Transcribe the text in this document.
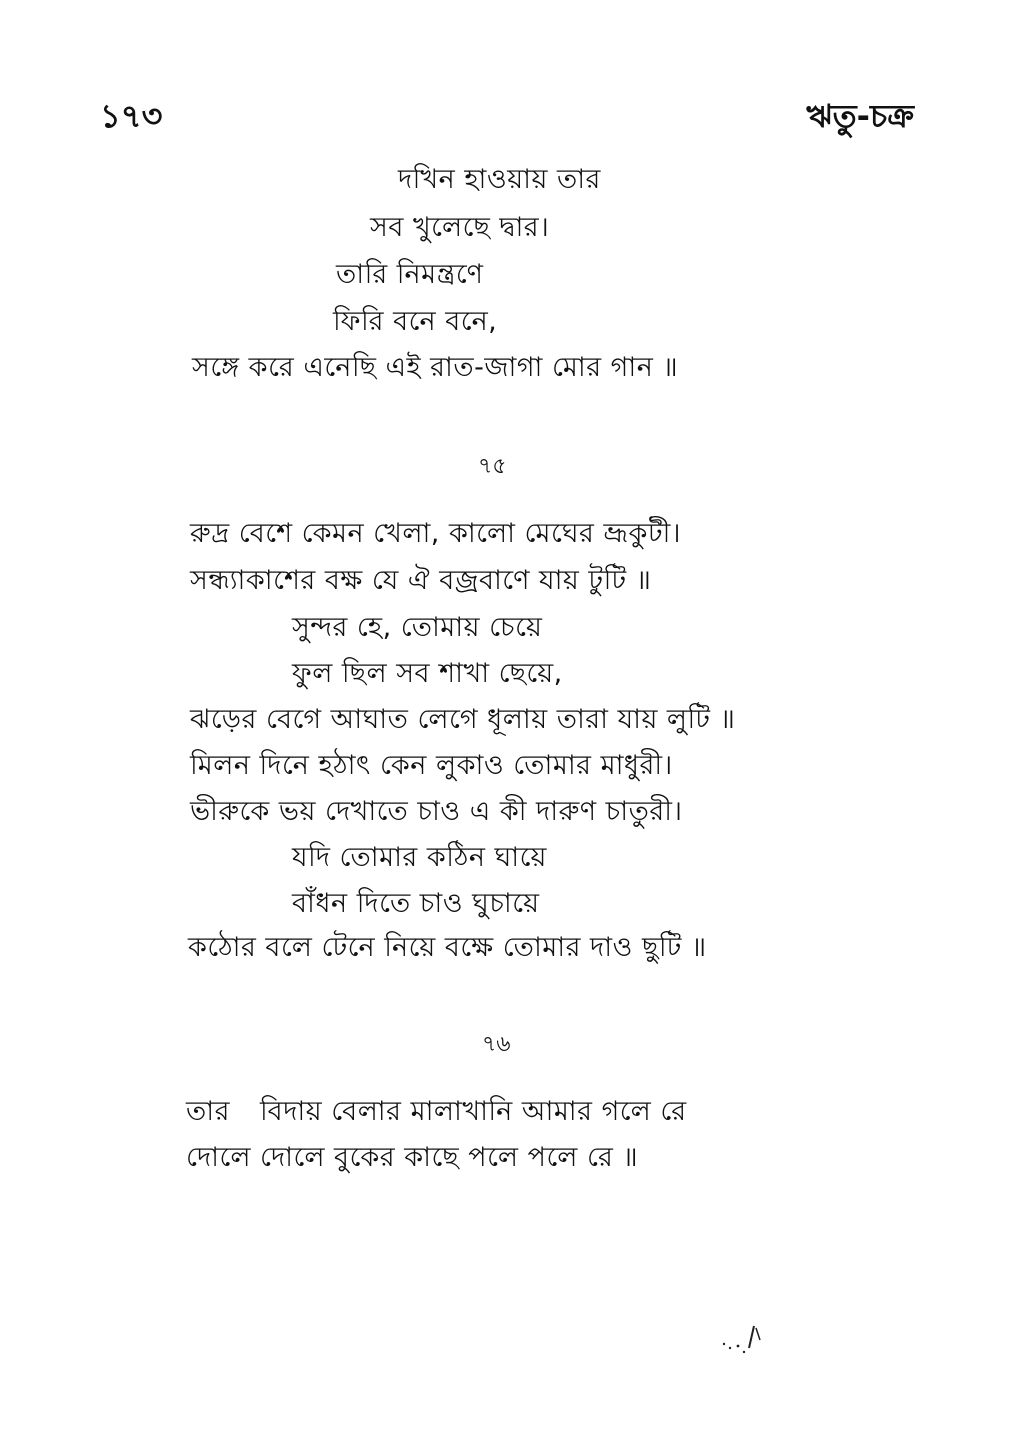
১৭৩	ঋতু-চক্র
দখিন হাওয়ায় তার
সব খুলেছে দ্বার।
তারি নিমন্ত্রণে
ফিরি বনে বনে,
সঙ্গে করে এনেছি এই রাত-জাগা মোর গান ॥
৭৫
রুদ্র বেশে কেমন খেলা, কালো মেঘের ভ্রূকুটী।
সন্ধ্যাকাশের বক্ষ যে ঐ বজ্রবাণে যায় টুটি ॥
সুন্দর হে, তোমায় চেয়ে
ফুল ছিল সব শাখা ছেয়ে,
ঝড়ের বেগে আঘাত লেগে ধূলায় তারা যায় লুটি ॥
মিলন দিনে হঠাৎ কেন লুকাও তোমার মাধুরী।
ভীরুকে ভয় দেখাতে চাও এ কী দারুণ চাতুরী।
যদি তোমার কঠিন ঘায়ে
বাঁধন দিতে চাও ঘুচায়ে
কঠোর বলে টেনে নিয়ে বক্ষে তোমার দাও ছুটি ॥
৭৬
তার বিদায় বেলার মালাখানি আমার গলে রে
দোলে দোলে বুকের কাছে পলে পলে রে ॥
